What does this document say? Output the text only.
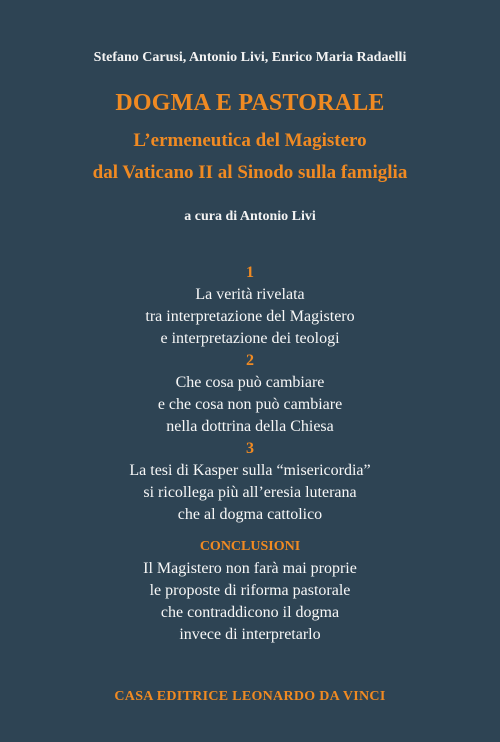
Stefano Carusi, Antonio Livi, Enrico Maria Radaelli
DOGMA E PASTORALE
L’ermeneutica del Magistero
dal Vaticano II al Sinodo sulla famiglia
a cura di Antonio Livi
1
La verità rivelata
tra interpretazione del Magistero
e interpretazione dei teologi
2
Che cosa può cambiare
e che cosa non può cambiare
nella dottrina della Chiesa
3
La tesi di Kasper sulla “misericordia”
si ricollega più all’eresia luterana
che al dogma cattolico
CONCLUSIONI
Il Magistero non farà mai proprie
le proposte di riforma pastorale
che contraddicono il dogma
invece di interpretarlo
CASA EDITRICE LEONARDO DA VINCI
